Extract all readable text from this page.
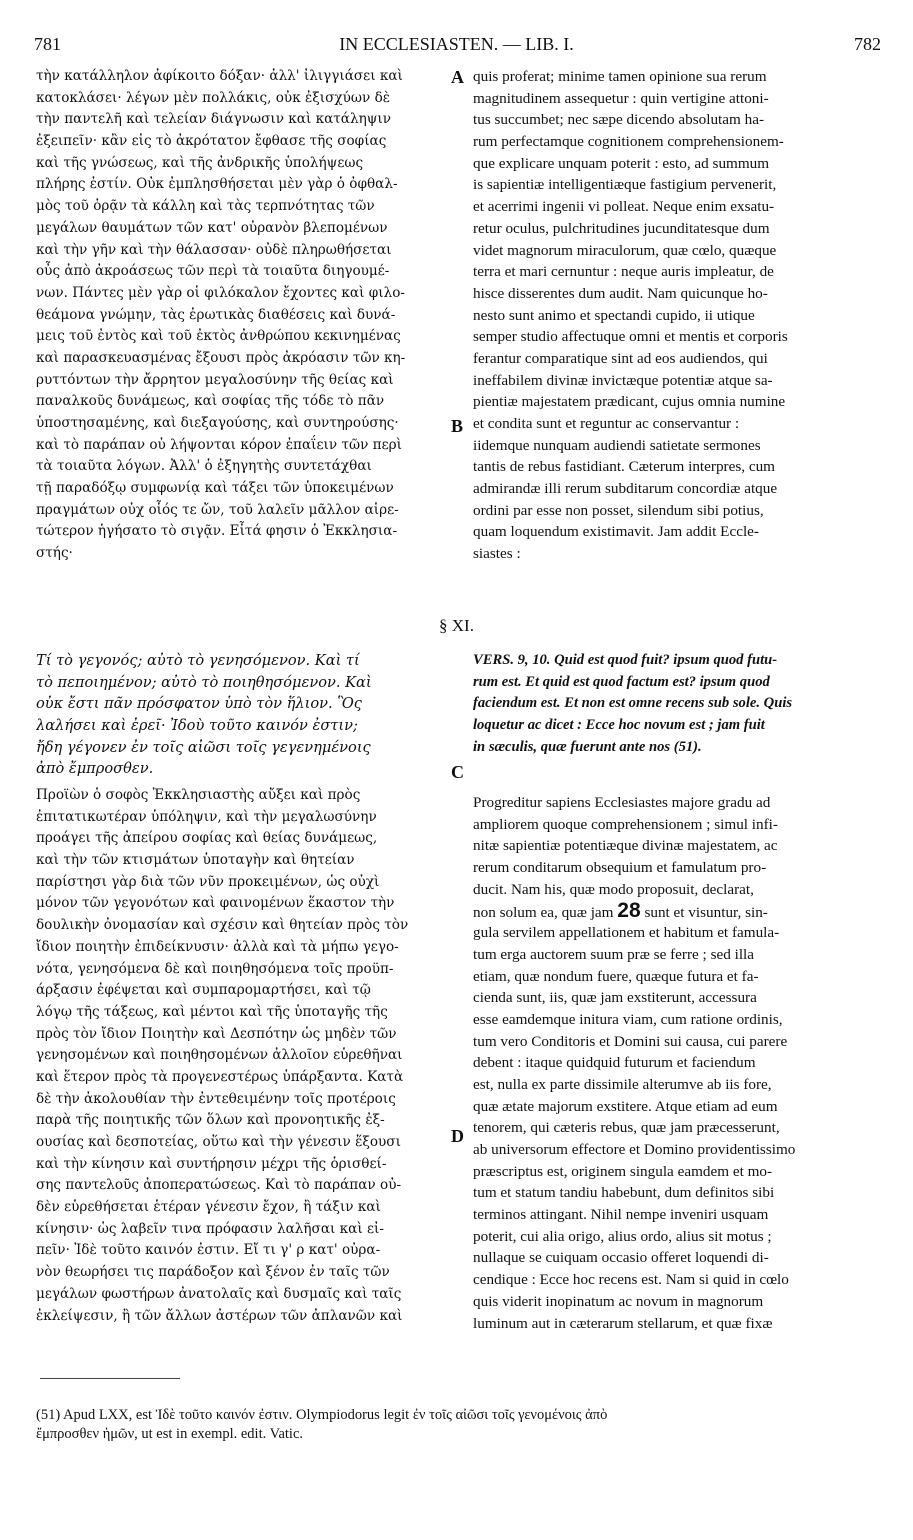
781	IN ECCLESIASTEN. — LIB. I.	782
τὴν κατάλληλον ἀφίκοιτο δόξαν· ἀλλ' ἰλιγγιάσει καὶ
κατοκλάσει· λέγων μὲν πολλάκις, οὐκ ἐξισχύων δὲ
τὴν παντελῆ καὶ τελείαν διάγνωσιν καὶ κατάληψιν
ἐξειπεῖν· κἂν εἰς τὸ ἀκρότατον ἔφθασε τῆς σοφίας
καὶ τῆς γνώσεως, καὶ τῆς ἀνδρικῆς ὑπολήψεως
πλήρης ἐστίν. Οὐκ ἐμπλησθήσεται μὲν γὰρ ὁ ὀφθαλ-
μὸς τοῦ ὁρᾷν τὰ κάλλη καὶ τὰς τερπνότητας τῶν
μεγάλων θαυμάτων τῶν κατ' οὐρανὸν βλεπομένων
καὶ τὴν γῆν καὶ τὴν θάλασσαν· οὐδὲ πληρωθήσεται
οὖς ἀπὸ ἀκροάσεως τῶν περὶ τὰ τοιαῦτα διηγουμέ-
νων. Πάντες μὲν γὰρ οἱ φιλόκαλον ἔχοντες καὶ φιλο-
θεάμονα γνώμην, τὰς ἐρωτικὰς διαθέσεις καὶ δυνά-
μεις τοῦ ἐντὸς καὶ τοῦ ἐκτὸς ἀνθρώπου κεκινημένας
καὶ παρασκευασμένας ἔξουσι πρὸς ἀκρόασιν τῶν κη-
ρυττόντων τὴν ἄρρητον μεγαλοσύνην τῆς θείας καὶ
παναλκοῦς δυνάμεως, καὶ σοφίας τῆς τόδε τὸ πᾶν
ὑποστησαμένης, καὶ διεξαγούσης, καὶ συντηρούσης·
καὶ τὸ παράπαν οὐ λήψονται κόρον ἐπαΐειν τῶν περὶ
τὰ τοιαῦτα λόγων. Ἀλλ' ὁ ἐξηγητὴς συντετάχθαι
τῇ παραδόξῳ συμφωνίᾳ καὶ τάξει τῶν ὑποκειμένων
πραγμάτων οὐχ οἷός τε ὤν, τοῦ λαλεῖν μᾶλλον αἱρε-
τώτερον ἡγήσατο τὸ σιγᾷν. Εἶτά φησιν ὁ Ἐκκλησια-
στής·
quis proferat; minime tamen opinione sua rerum
magnitudinem assequetur : quin vertigine attoni-
tus succumbet; nec sæpe dicendo absolutam ha-
rum perfectamque cognitionem comprehensionem-
que explicare unquam poterit : esto, ad summum
is sapientiæ intelligentiæque fastigium pervenerit,
et acerrimi ingenii vi polleat. Neque enim exsatu-
retur oculus, pulchritudines jucunditatesque dum
videt magnorum miraculorum, quæ cœlo, quæque
terra et mari cernuntur : neque auris impleatur, de
hisce disserentes dum audit. Nam quicunque ho-
nesto sunt animo et spectandi cupido, ii utique
semper studio affectuque omni et mentis et corporis
ferantur comparatique sint ad eos audiendos, qui
ineffabilem divinæ invictæque potentiæ atque sa-
pientiæ majestatem prædicant, cujus omnia numine
et condita sunt et reguntur ac conservantur :
iidemque nunquam audiendi satietate sermones
tantis de rebus fastidiant. Cæterum interpres, cum
admirandæ illi rerum subditarum concordiæ atque
ordini par esse non posset, silendum sibi potius,
quam loquendum existimavit. Jam addit Eccle-
siastes :
A
B
C
D
§ XI.
Τί τὸ γεγονός; αὐτὸ τὸ γενησόμενον. Καὶ τί
τὸ πεποιημένον; αὐτὸ τὸ ποιηθησόμενον. Καὶ
οὐκ ἔστι πᾶν πρόσφατον ὑπὸ τὸν ἥλιον. Ὃς
λαλήσει καὶ ἐρεῖ· Ἰδοὺ τοῦτο καινόν ἐστιν;
ἤδη γέγονεν ἐν τοῖς αἰῶσι τοῖς γεγενημένοις
ἀπὸ ἔμπροσθεν.
VERS. 9, 10. Quid est quod fuit? ipsum quod futu-
rum est. Et quid est quod factum est? ipsum quod
faciendum est. Et non est omne recens sub sole. Quis
loquetur ac dicet : Ecce hoc novum est ; jam fuit
in sæculis, quæ fuerunt ante nos (51).
Προϊὼν ὁ σοφὸς Ἐκκλησιαστὴς αὔξει καὶ πρὸς
ἐπιτατικωτέραν ὑπόληψιν, καὶ τὴν μεγαλωσύνην
προάγει τῆς ἀπείρου σοφίας καὶ θείας δυνάμεως,
καὶ τὴν τῶν κτισμάτων ὑποταγὴν καὶ θητείαν
παρίστησι γὰρ διὰ τῶν νῦν προκειμένων, ὡς οὐχὶ
μόνον τῶν γεγονότων καὶ φαινομένων ἕκαστον τὴν
δουλικὴν ὀνομασίαν καὶ σχέσιν καὶ θητείαν πρὸς τὸν
ἴδιον ποιητὴν ἐπιδείκνυσιν· ἀλλὰ καὶ τὰ μήπω γεγο-
νότα, γενησόμενα δὲ καὶ ποιηθησόμενα τοῖς προϋπ-
άρξασιν ἐφέψεται καὶ συμπαρομαρτήσει, καὶ τῷ
λόγῳ τῆς τάξεως, καὶ μέντοι καὶ τῆς ὑποταγῆς τῆς
πρὸς τὸν ἴδιον Ποιητὴν καὶ Δεσπότην ὡς μηδὲν τῶν
γενησομένων καὶ ποιηθησομένων ἀλλοῖον εὑρεθῆναι
καὶ ἕτερον πρὸς τὰ προγενεστέρως ὑπάρξαντα. Κατὰ
δὲ τὴν ἀκολουθίαν τὴν ἐντεθειμένην τοῖς προτέροις
παρὰ τῆς ποιητικῆς τῶν ὅλων καὶ προνοητικῆς ἐξ-
ουσίας καὶ δεσποτείας, οὕτω καὶ τὴν γένεσιν ἕξουσι
καὶ τὴν κίνησιν καὶ συντήρησιν μέχρι τῆς ὁρισθεί-
σης παντελοῦς ἀποπερατώσεως. Καὶ τὸ παράπαν οὐ-
δὲν εὑρεθήσεται ἑτέραν γένεσιν ἔχον, ἢ τάξιν καὶ
κίνησιν· ὡς λαβεῖν τινα πρόφασιν λαλῆσαι καὶ εἰ-
πεῖν· Ἰδὲ τοῦτο καινόν ἐστιν. Εἴ τι γ' ρ κατ' οὐρα-
νὸν θεωρήσει τις παράδοξον καὶ ξένον ἐν ταῖς τῶν
μεγάλων φωστήρων ἀνατολαῖς καὶ δυσμαῖς καὶ ταῖς
ἐκλείψεσιν, ἢ τῶν ἄλλων ἀστέρων τῶν ἀπλανῶν καὶ
Progreditur sapiens Ecclesiastes majore gradu ad
ampliorem quoque comprehensionem ; simul infi-
nitæ sapientiæ potentiæque divinæ majestatem, ac
rerum conditarum obsequium et famulatum pro-
ducit. Nam his, quæ modo proposuit, declarat,
non solum ea, quæ jam 28 sunt et visuntur, sin-
gula servilem appellationem et habitum et famula-
tum erga auctorem suum præ se ferre ; sed illa
etiam, quæ nondum fuere, quæque futura et fa-
cienda sunt, iis, quæ jam exstiterunt, accessura
esse eamdemque initura viam, cum ratione ordinis,
tum vero Conditoris et Domini sui causa, cui parere
debent : itaque quidquid futurum et faciendum
est, nulla ex parte dissimile alterumve ab iis fore,
quæ ætate majorum exstitere. Atque etiam ad eum
tenorem, qui cæteris rebus, quæ jam præcesserunt,
ab universorum effectore et Domino providentissimo
præscriptus est, originem singula eamdem et mo-
tum et statum tandiu habebunt, dum definitos sibi
terminos attingant. Nihil nempe inveniri usquam
poterit, cui alia origo, alius ordo, alius sit motus ;
nullaque se cuiquam occasio offeret loquendi di-
cendique : Ecce hoc recens est. Nam si quid in cœlo
quis viderit inopinatum ac novum in magnorum
luminum aut in cæterarum stellarum, et quæ fixæ
(51) Apud LXX, est Ἰδὲ τοῦτο καινόν ἐστιν. Olympiodorus legit ἐν τοῖς αἰῶσι τοῖς γενομένοις ἀπὸ
ἔμπροσθεν ἡμῶν, ut est in exempl. edit. Vatic.
